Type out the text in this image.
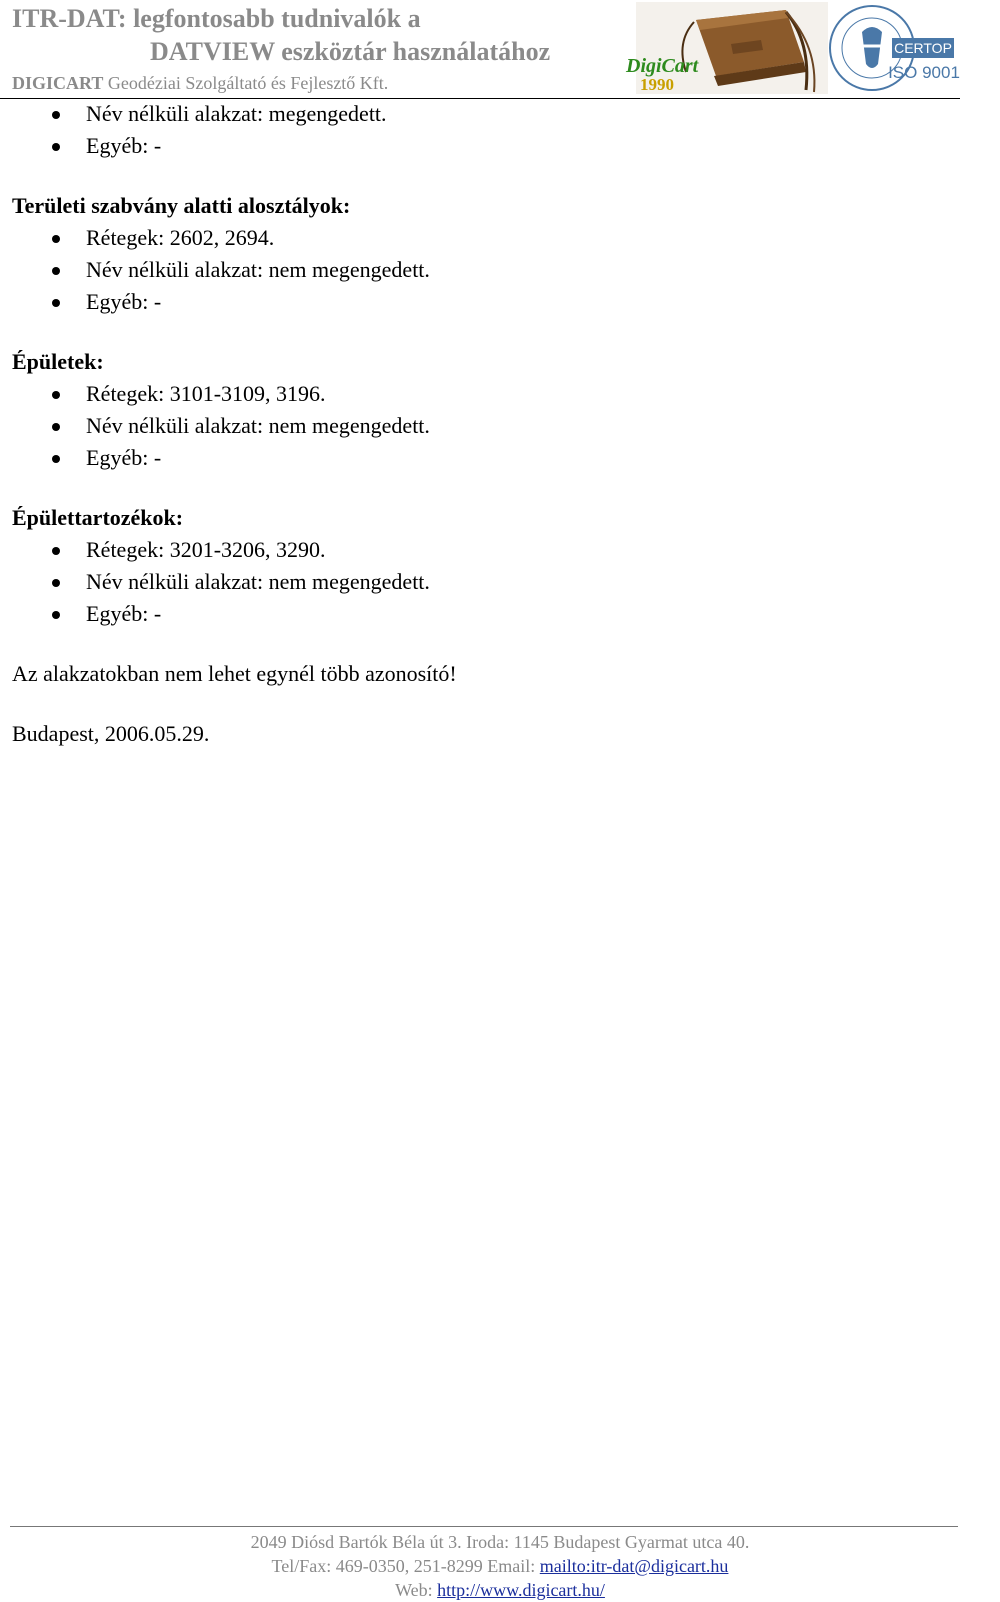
ITR-DAT: legfontosabb tudnivalók a
DATVIEW eszköztár használatához
DIGICART Geodéziai Szolgáltató és Fejlesztő Kft.
DigiCart
1990
CERTOP
ISO 9001
Név nélküli alakzat: megengedett.
Egyéb: -
Területi szabvány alatti alosztályok:
Rétegek: 2602, 2694.
Név nélküli alakzat: nem megengedett.
Egyéb: -
Épületek:
Rétegek: 3101-3109, 3196.
Név nélküli alakzat: nem megengedett.
Egyéb: -
Épülettartozékok:
Rétegek: 3201-3206, 3290.
Név nélküli alakzat: nem megengedett.
Egyéb: -
Az alakzatokban nem lehet egynél több azonosító!
Budapest, 2006.05.29.
2049 Diósd Bartók Béla út 3. Iroda: 1145 Budapest Gyarmat utca 40.
Tel/Fax: 469-0350, 251-8299 Email: mailto:itr-dat@digicart.hu
Web: http://www.digicart.hu/
